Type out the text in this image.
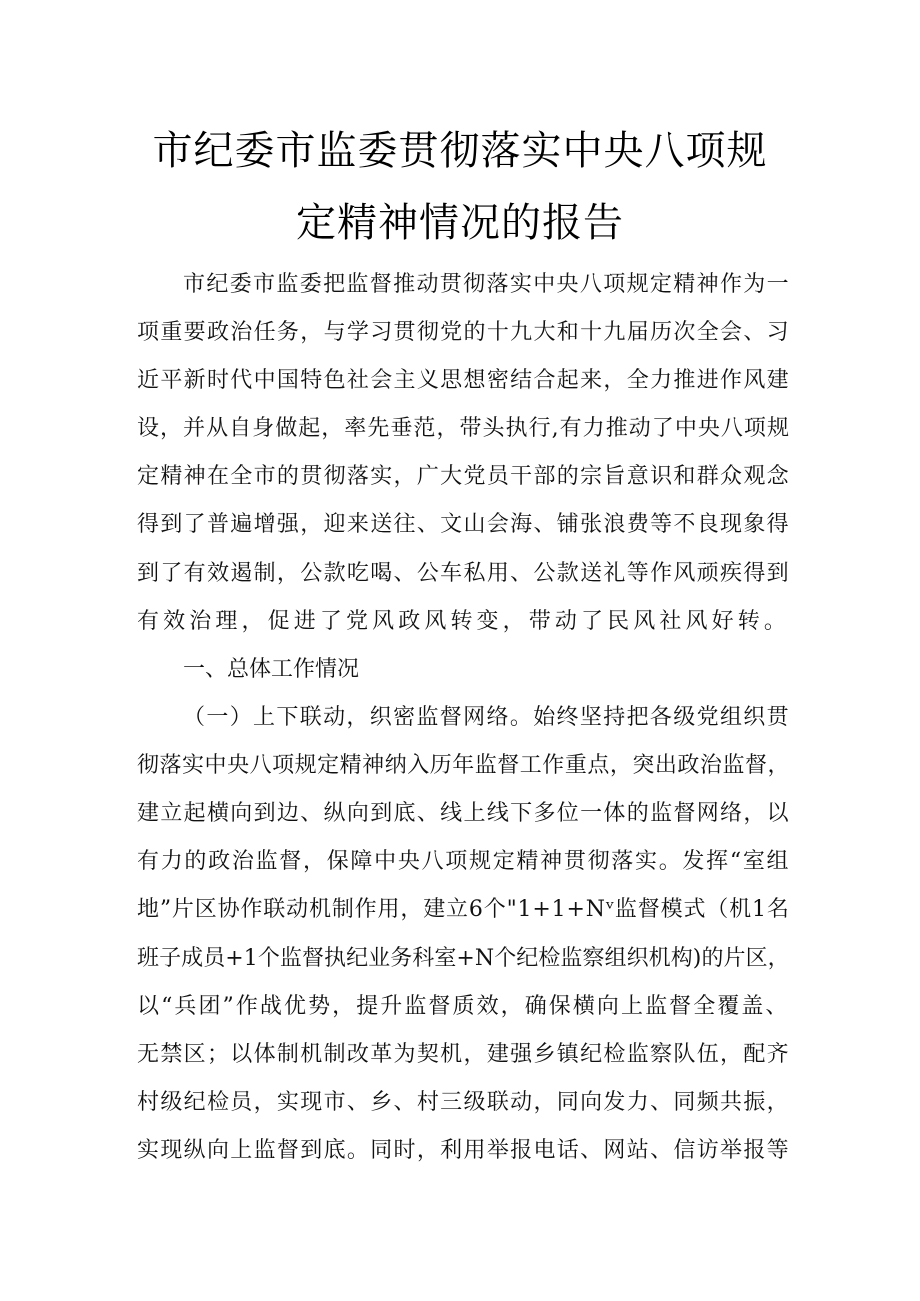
市纪委市监委贯彻落实中央八项规
定精神情况的报告

市纪委市监委把监督推动贯彻落实中央八项规定精神作为一

项重要政治任务，与学习贯彻党的十九大和十九届历次全会、习

近平新时代中国特色社会主义思想密结合起来，全力推进作风建

设，并从自身做起，率先垂范，带头执行,有力推动了中央八项规

定精神在全市的贯彻落实，广大党员干部的宗旨意识和群众观念

得到了普遍增强，迎来送往、文山会海、铺张浪费等不良现象得

到了有效遏制，公款吃喝、公车私用、公款送礼等作风顽疾得到

有效治理，促进了党风政风转变，带动了民风社风好转。

一、总体工作情况

（一）上下联动，织密监督网络。始终坚持把各级党组织贯

彻落实中央八项规定精神纳入历年监督工作重点，突出政治监督，

建立起横向到边、纵向到底、线上线下多位一体的监督网络，以

有力的政治监督，保障中央八项规定精神贯彻落实。发挥“室组

地”片区协作联动机制作用，建立6个"1+1+Nᵛ监督模式（机1名

班子成员+1个监督执纪业务科室+N个纪检监察组织机构)的片区，

以“兵团”作战优势，提升监督质效，确保横向上监督全覆盖、

无禁区；以体制机制改革为契机，建强乡镇纪检监察队伍，配齐

村级纪检员，实现市、乡、村三级联动，同向发力、同频共振，

实现纵向上监督到底。同时，利用举报电话、网站、信访举报等
